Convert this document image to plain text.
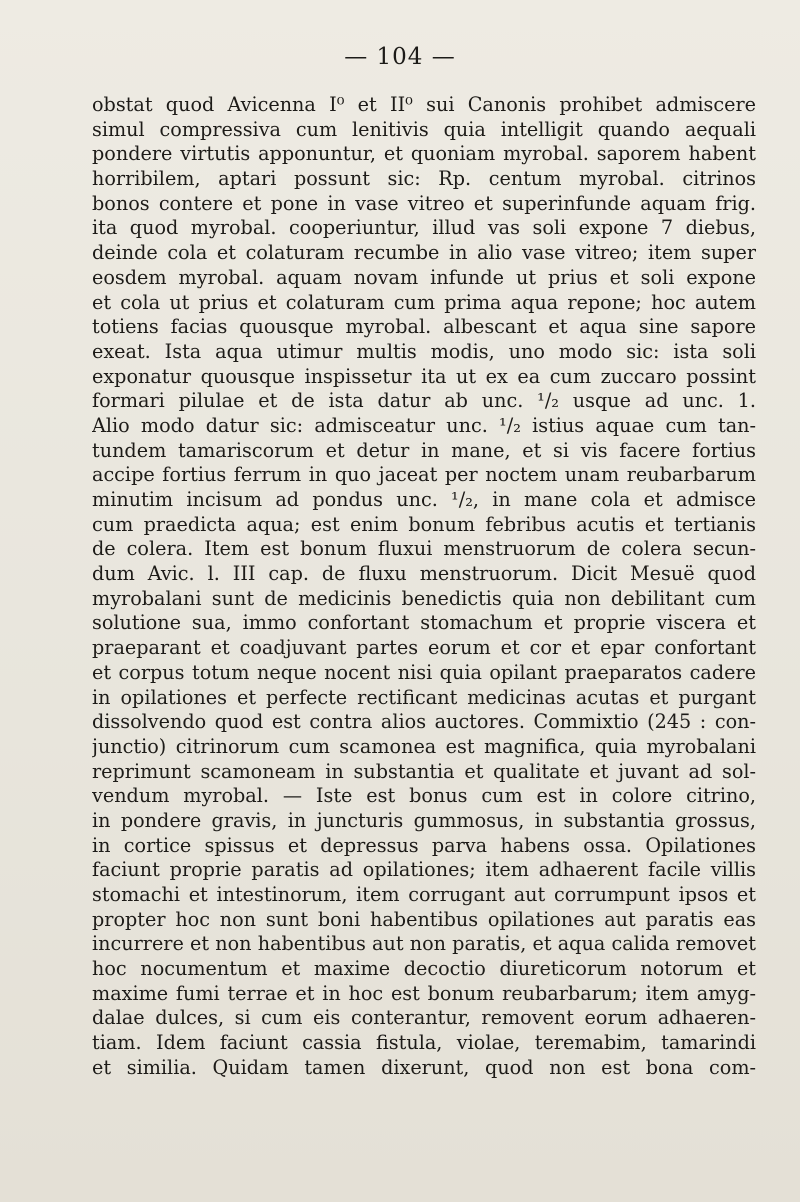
— 104 —
obstat quod Avicenna I⁰ et II⁰ sui Canonis prohibet admiscere
simul compressiva cum lenitivis quia intelligit quando aequali
pondere virtutis apponuntur, et quoniam myrobal. saporem habent
horribilem, aptari possunt sic: Rp. centum myrobal. citrinos
bonos contere et pone in vase vitreo et superinfunde aquam frig.
ita quod myrobal. cooperiuntur, illud vas soli expone 7 diebus,
deinde cola et colaturam recumbe in alio vase vitreo; item super
eosdem myrobal. aquam novam infunde ut prius et soli expone
et cola ut prius et colaturam cum prima aqua repone; hoc autem
totiens facias quousque myrobal. albescant et aqua sine sapore
exeat. Ista aqua utimur multis modis, uno modo sic: ista soli
exponatur quousque inspissetur ita ut ex ea cum zuccaro possint
formari pilulae et de ista datur ab unc. ¹/₂ usque ad unc. 1.
Alio modo datur sic: admisceatur unc. ¹/₂ istius aquae cum tan-
tundem tamariscorum et detur in mane, et si vis facere fortius
accipe fortius ferrum in quo jaceat per noctem unam reubarbarum
minutim incisum ad pondus unc. ¹/₂, in mane cola et admisce
cum praedicta aqua; est enim bonum febribus acutis et tertianis
de colera. Item est bonum fluxui menstruorum de colera secun-
dum Avic. l. III cap. de fluxu menstruorum. Dicit Mesuë quod
myrobalani sunt de medicinis benedictis quia non debilitant cum
solutione sua, immo confortant stomachum et proprie viscera et
praeparant et coadjuvant partes eorum et cor et epar confortant
et corpus totum neque nocent nisi quia opilant praeparatos cadere
in opilationes et perfecte rectificant medicinas acutas et purgant
dissolvendo quod est contra alios auctores. Commixtio (245 : con-
junctio) citrinorum cum scamonea est magnifica, quia myrobalani
reprimunt scamoneam in substantia et qualitate et juvant ad sol-
vendum myrobal. — Iste est bonus cum est in colore citrino,
in pondere gravis, in juncturis gummosus, in substantia grossus,
in cortice spissus et depressus parva habens ossa. Opilationes
faciunt proprie paratis ad opilationes; item adhaerent facile villis
stomachi et intestinorum, item corrugant aut corrumpunt ipsos et
propter hoc non sunt boni habentibus opilationes aut paratis eas
incurrere et non habentibus aut non paratis, et aqua calida removet
hoc nocumentum et maxime decoctio diureticorum notorum et
maxime fumi terrae et in hoc est bonum reubarbarum; item amyg-
dalae dulces, si cum eis conterantur, removent eorum adhaeren-
tiam. Idem faciunt cassia fistula, violae, teremabim, tamarindi
et similia. Quidam tamen dixerunt, quod non est bona com-
